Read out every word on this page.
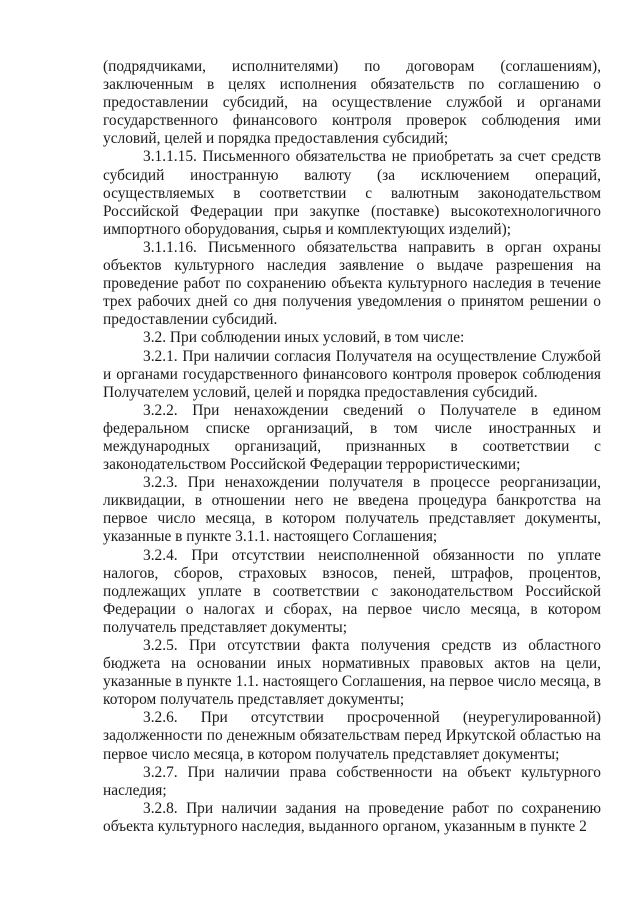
(подрядчиками, исполнителями) по договорам (соглашениям), заключенным в целях исполнения обязательств по соглашению о предоставлении субсидий, на осуществление службой и органами государственного финансового контроля проверок соблюдения ими условий, целей и порядка предоставления субсидий;

3.1.1.15. Письменного обязательства не приобретать за счет средств субсидий иностранную валюту (за исключением операций, осуществляемых в соответствии с валютным законодательством Российской Федерации при закупке (поставке) высокотехнологичного импортного оборудования, сырья и комплектующих изделий);

3.1.1.16. Письменного обязательства направить в орган охраны объектов культурного наследия заявление о выдаче разрешения на проведение работ по сохранению объекта культурного наследия в течение трех рабочих дней со дня получения уведомления о принятом решении о предоставлении субсидий.

3.2. При соблюдении иных условий, в том числе:

3.2.1. При наличии согласия Получателя на осуществление Службой и органами государственного финансового контроля проверок соблюдения Получателем условий, целей и порядка предоставления субсидий.

3.2.2. При ненахождении сведений о Получателе в едином федеральном списке организаций, в том числе иностранных и международных организаций, признанных в соответствии с законодательством Российской Федерации террористическими;

3.2.3. При ненахождении получателя в процессе реорганизации, ликвидации, в отношении него не введена процедура банкротства на первое число месяца, в котором получатель представляет документы, указанные в пункте 3.1.1. настоящего Соглашения;

3.2.4. При отсутствии неисполненной обязанности по уплате налогов, сборов, страховых взносов, пеней, штрафов, процентов, подлежащих уплате в соответствии с законодательством Российской Федерации о налогах и сборах, на первое число месяца, в котором получатель представляет документы;

3.2.5. При отсутствии факта получения средств из областного бюджета на основании иных нормативных правовых актов на цели, указанные в пункте 1.1. настоящего Соглашения, на первое число месяца, в котором получатель представляет документы;

3.2.6. При отсутствии просроченной (неурегулированной) задолженности по денежным обязательствам перед Иркутской областью на первое число месяца, в котором получатель представляет документы;

3.2.7. При наличии права собственности на объект культурного наследия;

3.2.8. При наличии задания на проведение работ по сохранению объекта культурного наследия, выданного органом, указанным в пункте 2
